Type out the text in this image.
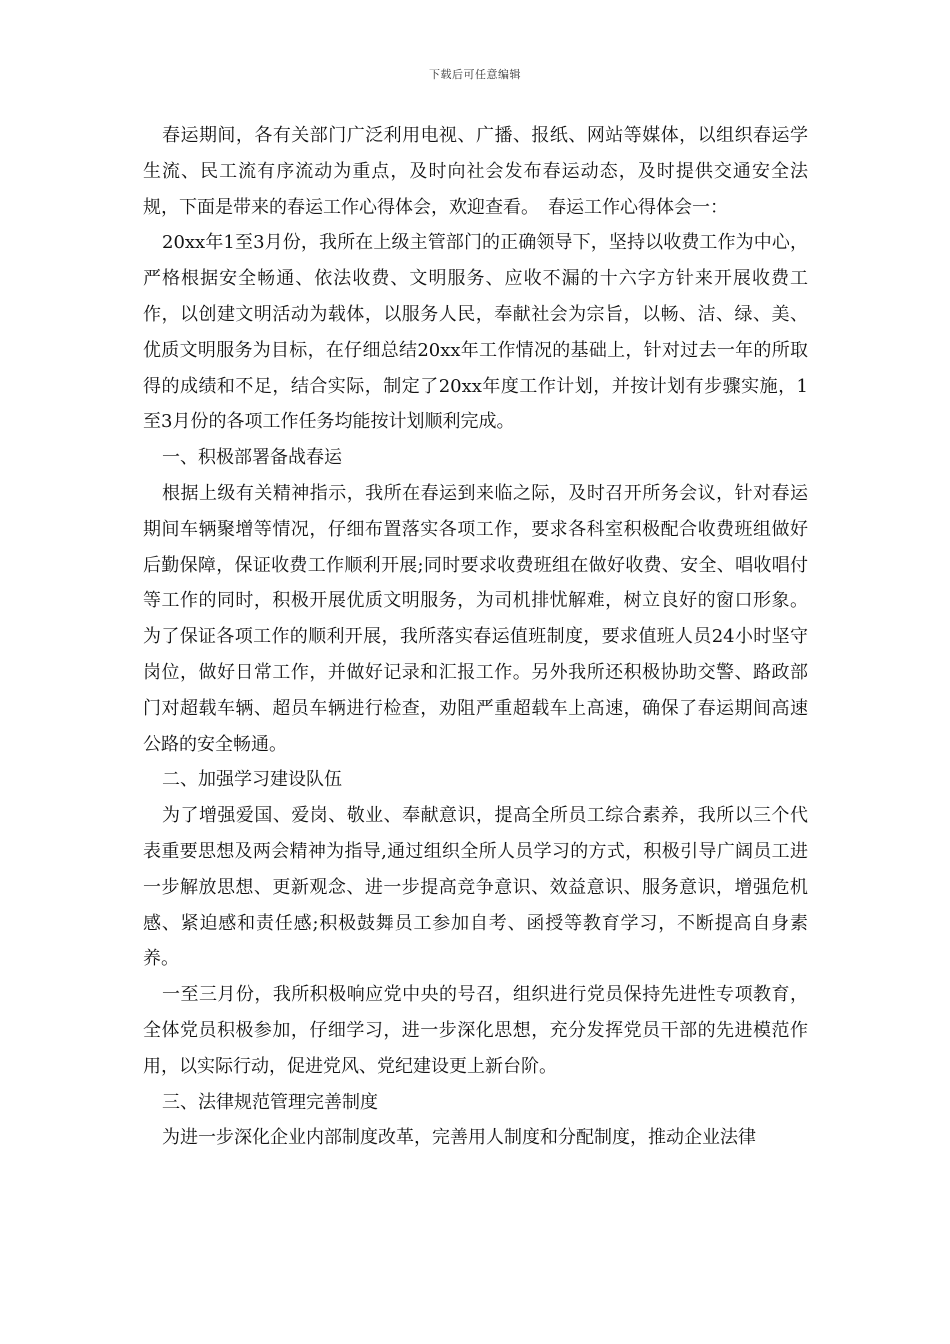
下载后可任意编辑

春运期间，各有关部门广泛利用电视、广播、报纸、网站等媒体，以组织春运学生流、民工流有序流动为重点，及时向社会发布春运动态，及时提供交通安全法规，下面是带来的春运工作心得体会，欢迎查看。　春运工作心得体会一：

20xx年1至3月份，我所在上级主管部门的正确领导下，坚持以收费工作为中心，严格根据安全畅通、依法收费、文明服务、应收不漏的十六字方针来开展收费工作，以创建文明活动为载体，以服务人民，奉献社会为宗旨，以畅、洁、绿、美、优质文明服务为目标，在仔细总结20xx年工作情况的基础上，针对过去一年的所取得的成绩和不足，结合实际，制定了20xx年度工作计划，并按计划有步骤实施，1至3月份的各项工作任务均能按计划顺利完成。

一、积极部署备战春运

根据上级有关精神指示，我所在春运到来临之际，及时召开所务会议，针对春运期间车辆聚增等情况，仔细布置落实各项工作，要求各科室积极配合收费班组做好后勤保障，保证收费工作顺利开展;同时要求收费班组在做好收费、安全、唱收唱付等工作的同时，积极开展优质文明服务，为司机排忧解难，树立良好的窗口形象。为了保证各项工作的顺利开展，我所落实春运值班制度，要求值班人员24小时坚守岗位，做好日常工作，并做好记录和汇报工作。另外我所还积极协助交警、路政部门对超载车辆、超员车辆进行检查，劝阻严重超载车上高速，确保了春运期间高速公路的安全畅通。

二、加强学习建设队伍

为了增强爱国、爱岗、敬业、奉献意识，提高全所员工综合素养，我所以三个代表重要思想及两会精神为指导,通过组织全所人员学习的方式，积极引导广阔员工进一步解放思想、更新观念、进一步提高竞争意识、效益意识、服务意识，增强危机感、紧迫感和责任感;积极鼓舞员工参加自考、函授等教育学习，不断提高自身素养。

一至三月份，我所积极响应党中央的号召，组织进行党员保持先进性专项教育，全体党员积极参加，仔细学习，进一步深化思想，充分发挥党员干部的先进模范作用，以实际行动，促进党风、党纪建设更上新台阶。

三、法律规范管理完善制度

为进一步深化企业内部制度改革，完善用人制度和分配制度，推动企业法律
